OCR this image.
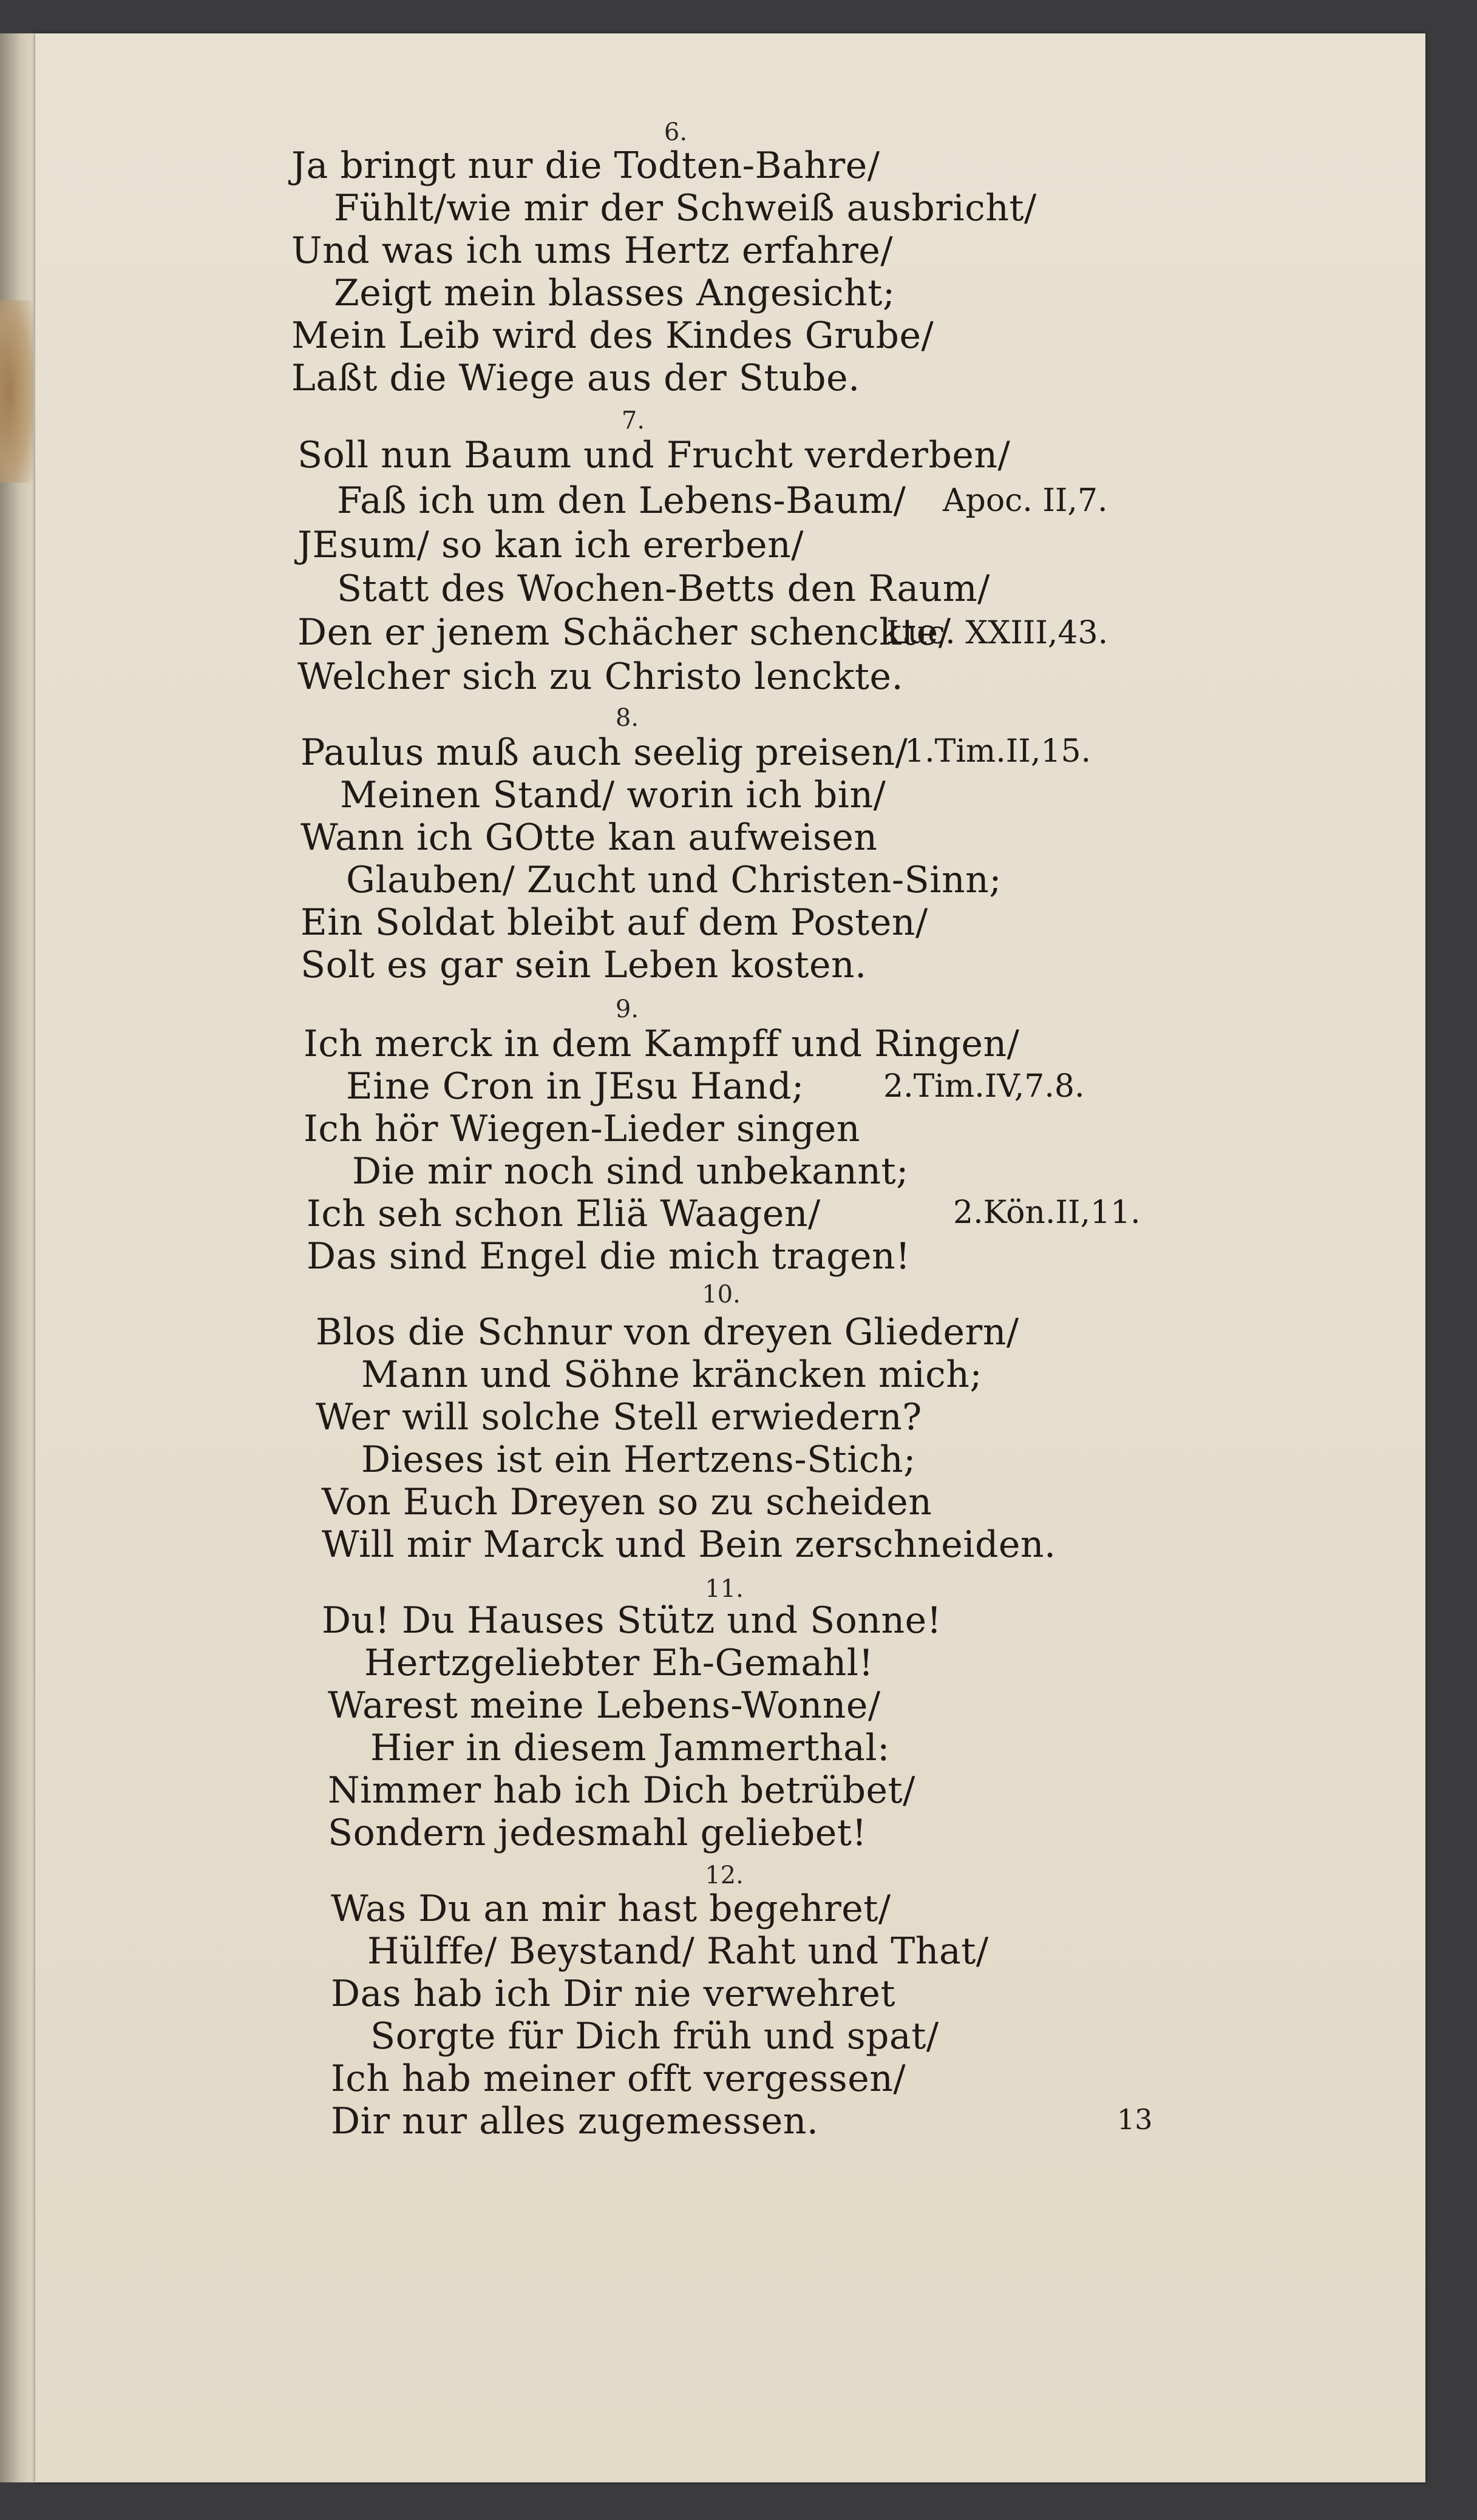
6.
Ja bringt nur die Todten-Bahre/
Fühlt/wie mir der Schweiß ausbricht/
Und was ich ums Hertz erfahre/
Zeigt mein blasses Angesicht;
Mein Leib wird des Kindes Grube/
Laßt die Wiege aus der Stube.
7.
Soll nun Baum und Frucht verderben/
Faß ich um den Lebens-Baum/ Apoc. II,7.
JEsum/ so kan ich ererben/
Statt des Wochen-Betts den Raum/
Den er jenem Schächer schenckte/
Luc. XXIII,43.
Welcher sich zu Christo lenckte.
8.
Paulus muß auch seelig preisen/
1.Tim.II,15.
Meinen Stand/ worin ich bin/
Wann ich GOtte kan aufweisen
Glauben/ Zucht und Christen-Sinn;
Ein Soldat bleibt auf dem Posten/
Solt es gar sein Leben kosten.
9.
Ich merck in dem Kampff und Ringen/
Eine Cron in JEsu Hand;	2.Tim.IV,7.8.
Ich hör Wiegen-Lieder singen
Die mir noch sind unbekannt;
Ich seh schon Eliä Waagen/	2.Kön.II,11.
Das sind Engel die mich tragen!
10.
Blos die Schnur von dreyen Gliedern/
Mann und Söhne kräncken mich;
Wer will solche Stell erwiedern?
Dieses ist ein Hertzens-Stich;
Von Euch Dreyen so zu scheiden
Will mir Marck und Bein zerschneiden.
11.
Du! Du Hauses Stütz und Sonne!
Hertzgeliebter Eh-Gemahl!
Warest meine Lebens-Wonne/
Hier in diesem Jammerthal:
Nimmer hab ich Dich betrübet/
Sondern jedesmahl geliebet!
12.
Was Du an mir hast begehret/
Hülffe/ Beystand/ Raht und That/
Das hab ich Dir nie verwehret
Sorgte für Dich früh und spat/
Ich hab meiner offt vergessen/
Dir nur alles zugemessen.	13
